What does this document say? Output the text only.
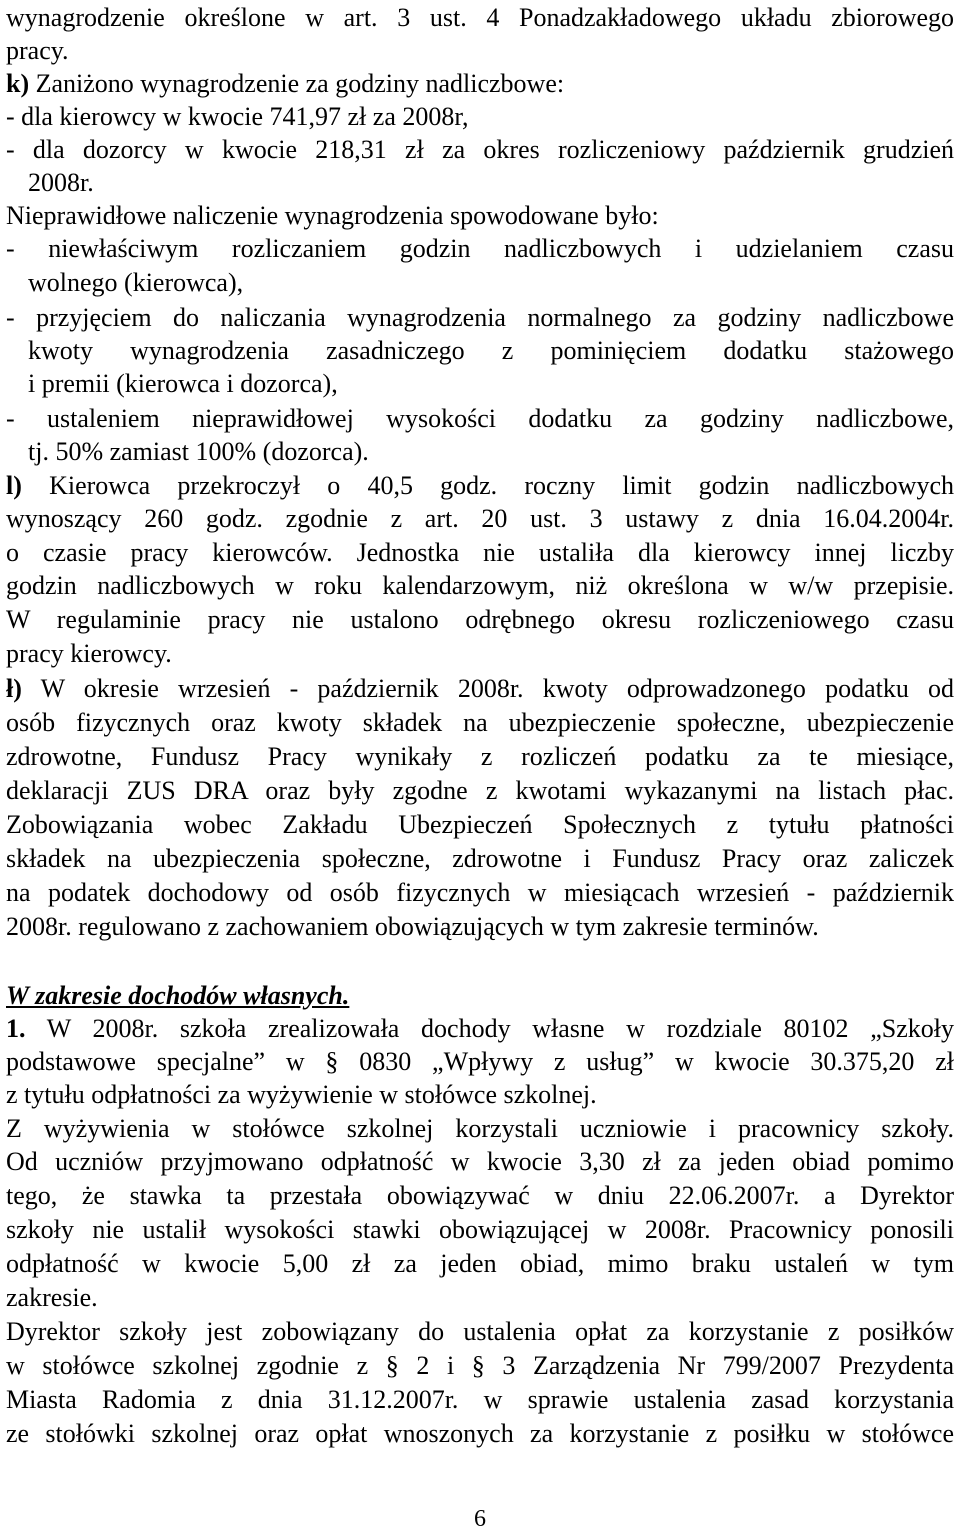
wynagrodzenie określone w art. 3 ust. 4 Ponadzakładowego układu zbiorowego
pracy.
k) Zaniżono wynagrodzenie za godziny nadliczbowe:
- dla kierowcy w kwocie 741,97 zł za 2008r,
- dla dozorcy w kwocie 218,31 zł za okres rozliczeniowy październik grudzień
2008r.
Nieprawidłowe naliczenie wynagrodzenia spowodowane było:
- niewłaściwym rozliczaniem godzin nadliczbowych i udzielaniem czasu
wolnego (kierowca),
- przyjęciem do naliczania wynagrodzenia normalnego za godziny nadliczbowe
kwoty wynagrodzenia zasadniczego z pominięciem dodatku stażowego
i premii (kierowca i dozorca),
- ustaleniem nieprawidłowej wysokości dodatku za godziny nadliczbowe,
tj. 50% zamiast 100% (dozorca).
l) Kierowca przekroczył o 40,5 godz. roczny limit godzin nadliczbowych
wynoszący 260 godz. zgodnie z art. 20 ust. 3 ustawy z dnia 16.04.2004r.
o czasie pracy kierowców. Jednostka nie ustaliła dla kierowcy innej liczby
godzin nadliczbowych w roku kalendarzowym, niż określona w w/w przepisie.
W regulaminie pracy nie ustalono odrębnego okresu rozliczeniowego czasu
pracy kierowcy.
ł) W okresie wrzesień - październik 2008r. kwoty odprowadzonego podatku od
osób fizycznych oraz kwoty składek na ubezpieczenie społeczne, ubezpieczenie
zdrowotne, Fundusz Pracy wynikały z rozliczeń podatku za te miesiące,
deklaracji ZUS DRA oraz były zgodne z kwotami wykazanymi na listach płac.
Zobowiązania wobec Zakładu Ubezpieczeń Społecznych z tytułu płatności
składek na ubezpieczenia społeczne, zdrowotne i Fundusz Pracy oraz zaliczek
na podatek dochodowy od osób fizycznych w miesiącach wrzesień - październik
2008r. regulowano z zachowaniem obowiązujących w tym zakresie terminów.
W zakresie dochodów własnych.
1. W 2008r. szkoła zrealizowała dochody własne w rozdziale 80102 „Szkoły
podstawowe specjalne” w § 0830 „Wpływy z usług” w kwocie 30.375,20 zł
z tytułu odpłatności za wyżywienie w stołówce szkolnej.
Z wyżywienia w stołówce szkolnej korzystali uczniowie i pracownicy szkoły.
Od uczniów przyjmowano odpłatność w kwocie 3,30 zł za jeden obiad pomimo
tego, że stawka ta przestała obowiązywać w dniu 22.06.2007r. a Dyrektor
szkoły nie ustalił wysokości stawki obowiązującej w 2008r. Pracownicy ponosili
odpłatność w kwocie 5,00 zł za jeden obiad, mimo braku ustaleń w tym
zakresie.
Dyrektor szkoły jest zobowiązany do ustalenia opłat za korzystanie z posiłków
w stołówce szkolnej zgodnie z § 2 i § 3 Zarządzenia Nr 799/2007 Prezydenta
Miasta Radomia z dnia 31.12.2007r. w sprawie ustalenia zasad korzystania
ze stołówki szkolnej oraz opłat wnoszonych za korzystanie z posiłku w stołówce
6
